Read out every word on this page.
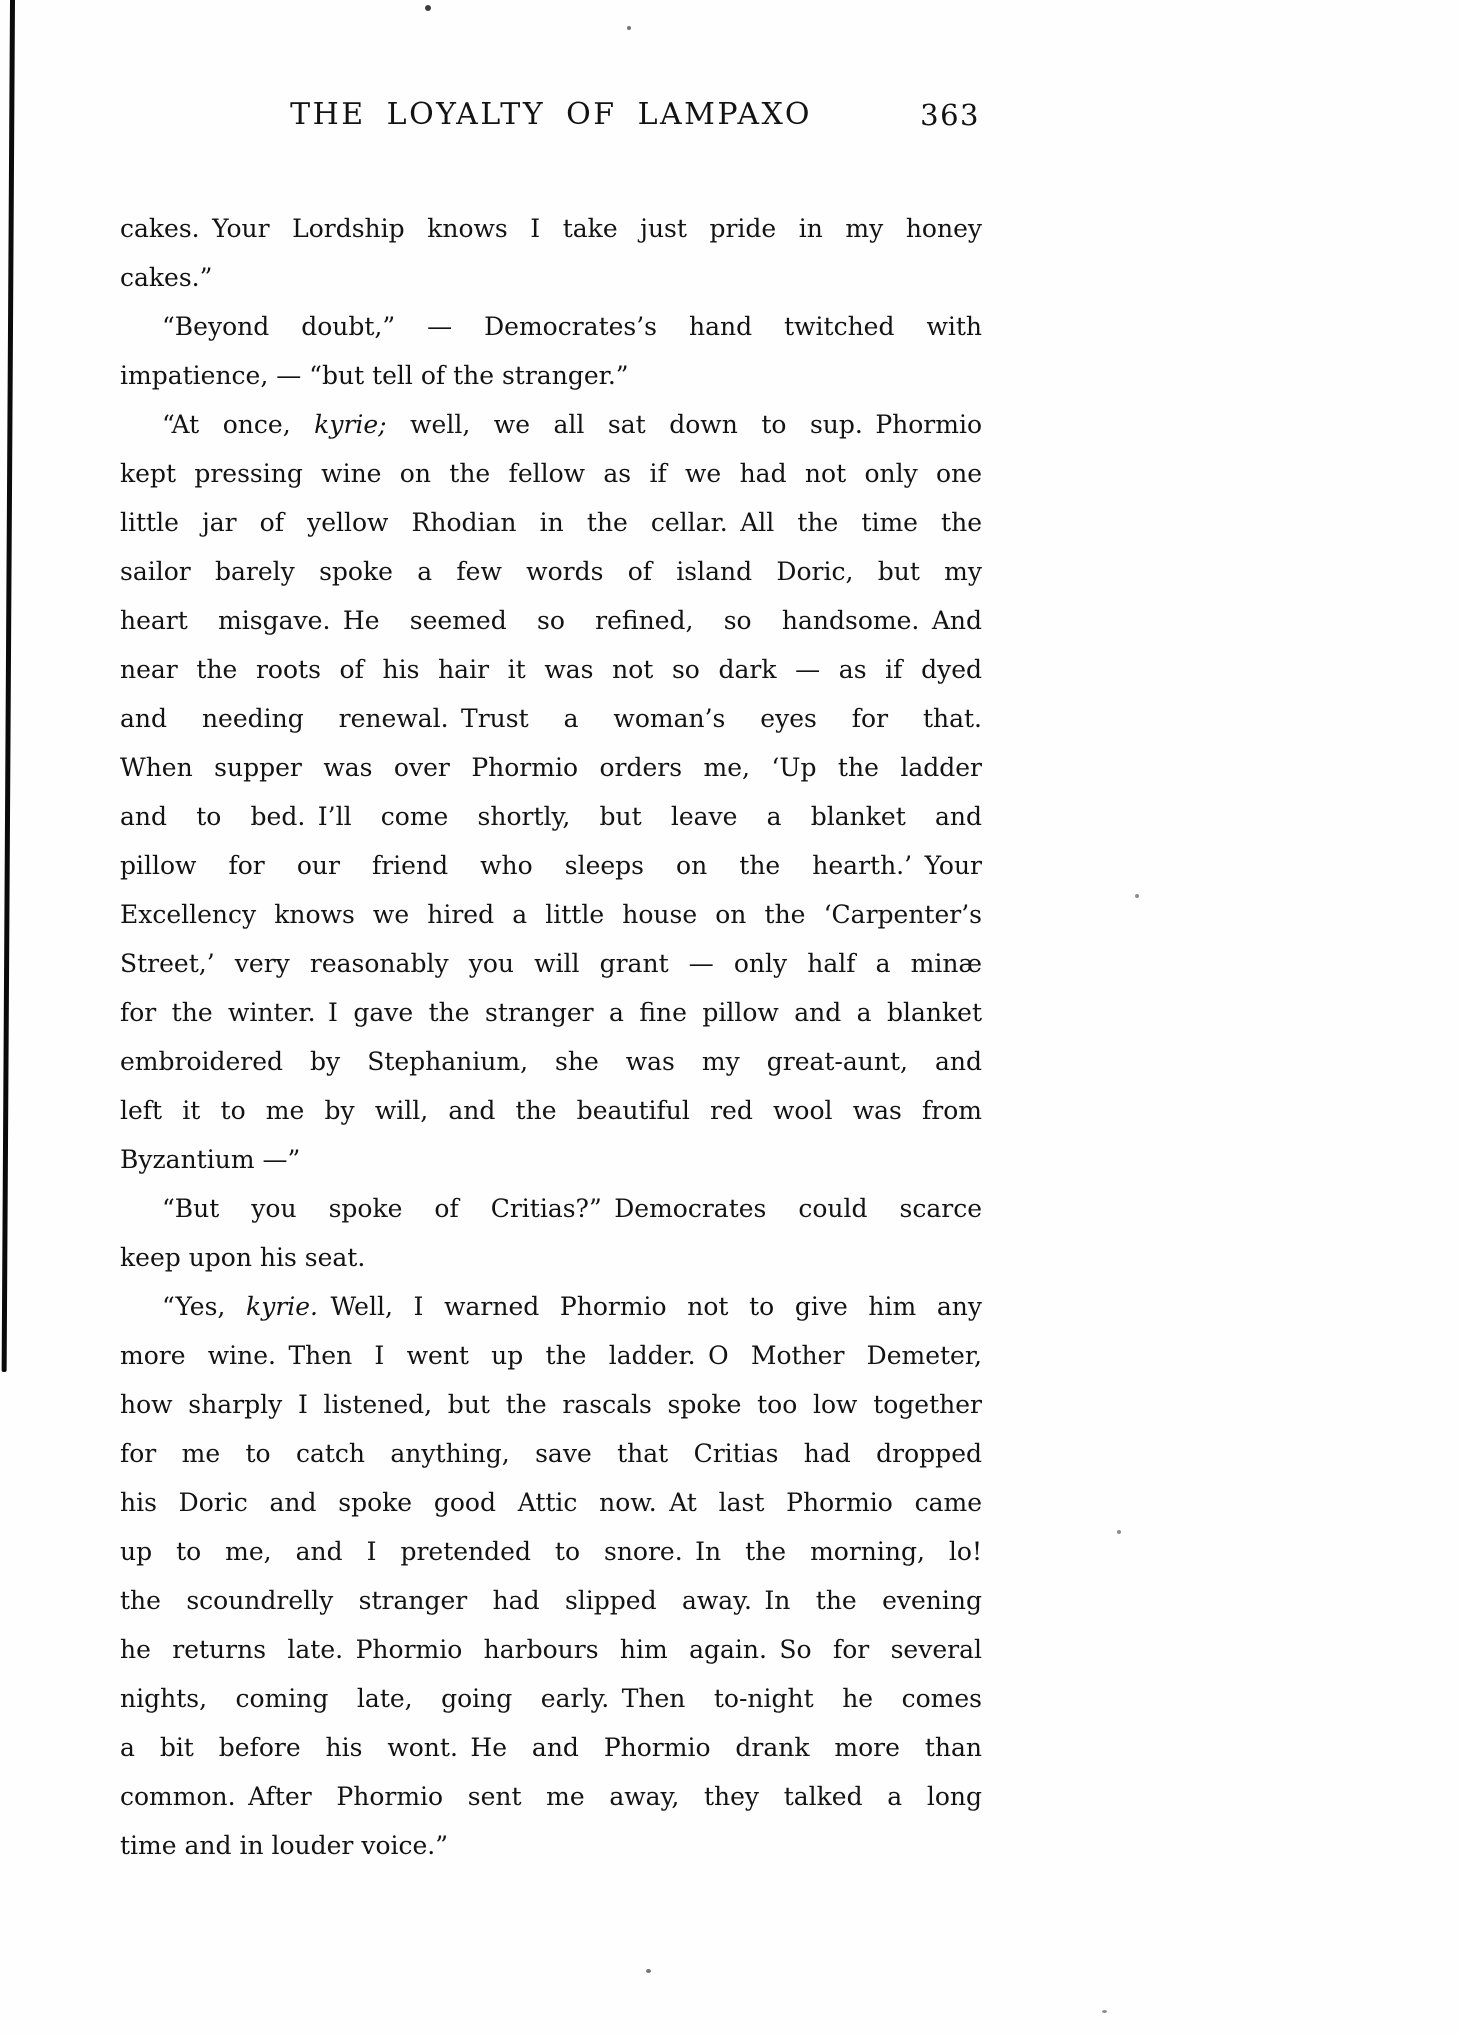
THE LOYALTY OF LAMPAXO	363
cakes. Your Lordship knows I take just pride in my honey
cakes.”
“Beyond doubt,” — Democrates’s hand twitched with
impatience, — “but tell of the stranger.”
“At once, kyrie; well, we all sat down to sup. Phormio
kept pressing wine on the fellow as if we had not only one
little jar of yellow Rhodian in the cellar. All the time the
sailor barely spoke a few words of island Doric, but my
heart misgave. He seemed so refined, so handsome. And
near the roots of his hair it was not so dark — as if dyed
and needing renewal. Trust a woman’s eyes for that.
When supper was over Phormio orders me, ‘Up the ladder
and to bed. I’ll come shortly, but leave a blanket and
pillow for our friend who sleeps on the hearth.’ Your
Excellency knows we hired a little house on the ‘Carpenter’s
Street,’ very reasonably you will grant — only half a minæ
for the winter. I gave the stranger a fine pillow and a blanket
embroidered by Stephanium, she was my great-aunt, and
left it to me by will, and the beautiful red wool was from
Byzantium —”
“But you spoke of Critias?” Democrates could scarce
keep upon his seat.
“Yes, kyrie. Well, I warned Phormio not to give him any
more wine. Then I went up the ladder. O Mother Demeter,
how sharply I listened, but the rascals spoke too low together
for me to catch anything, save that Critias had dropped
his Doric and spoke good Attic now. At last Phormio came
up to me, and I pretended to snore. In the morning, lo!
the scoundrelly stranger had slipped away. In the evening
he returns late. Phormio harbours him again. So for several
nights, coming late, going early. Then to-night he comes
a bit before his wont. He and Phormio drank more than
common. After Phormio sent me away, they talked a long
time and in louder voice.”
